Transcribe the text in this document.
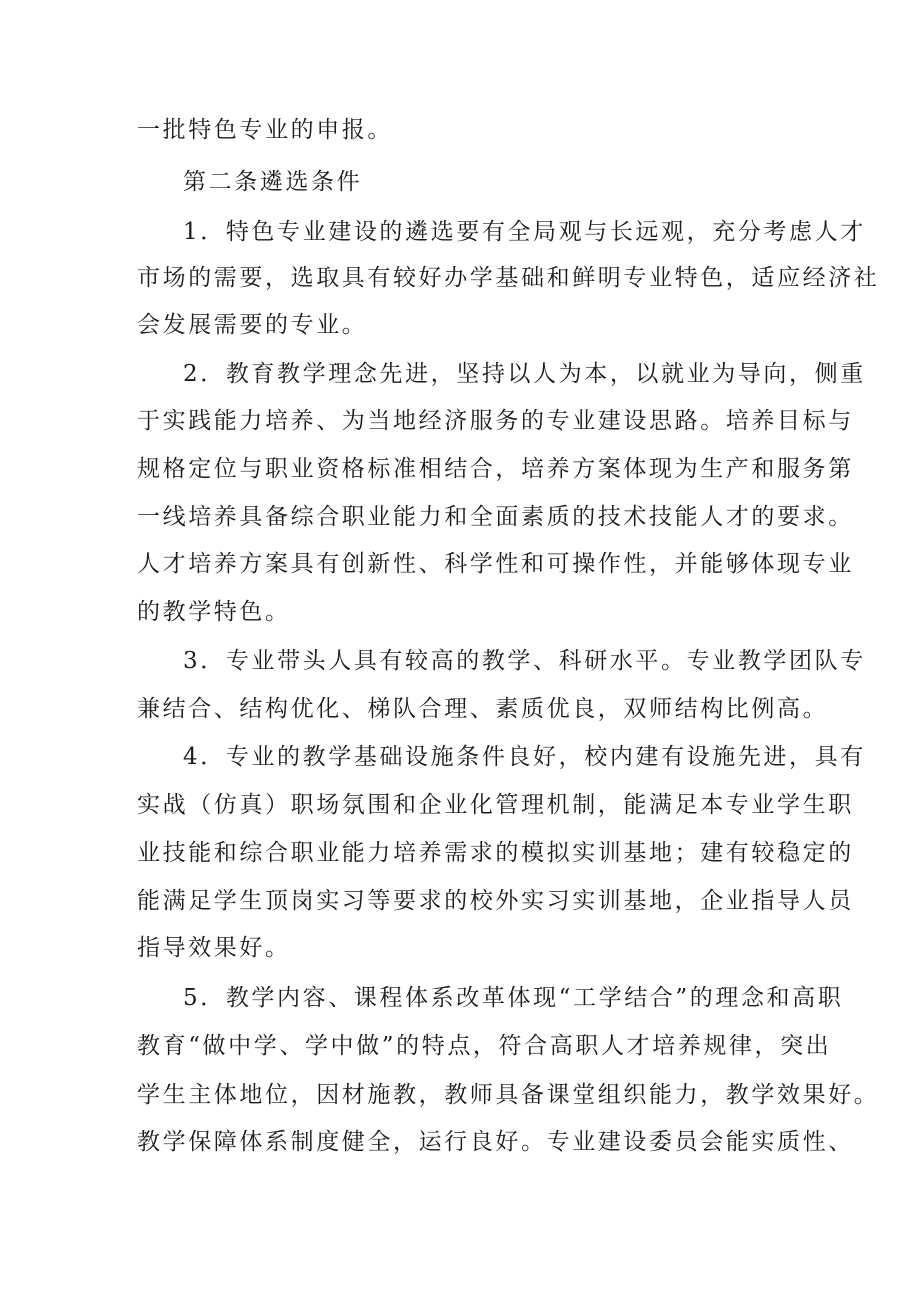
一批特色专业的申报。
第二条遴选条件
1．特色专业建设的遴选要有全局观与长远观，充分考虑人才
市场的需要，选取具有较好办学基础和鲜明专业特色，适应经济社
会发展需要的专业。
2．教育教学理念先进，坚持以人为本，以就业为导向，侧重
于实践能力培养、为当地经济服务的专业建设思路。培养目标与
规格定位与职业资格标准相结合，培养方案体现为生产和服务第
一线培养具备综合职业能力和全面素质的技术技能人才的要求。
人才培养方案具有创新性、科学性和可操作性，并能够体现专业
的教学特色。
3．专业带头人具有较高的教学、科研水平。专业教学团队专
兼结合、结构优化、梯队合理、素质优良，双师结构比例高。
4．专业的教学基础设施条件良好，校内建有设施先进，具有
实战（仿真）职场氛围和企业化管理机制，能满足本专业学生职
业技能和综合职业能力培养需求的模拟实训基地；建有较稳定的
能满足学生顶岗实习等要求的校外实习实训基地，企业指导人员
指导效果好。
5．教学内容、课程体系改革体现“工学结合”的理念和高职
教育“做中学、学中做”的特点，符合高职人才培养规律，突出
学生主体地位，因材施教，教师具备课堂组织能力，教学效果好。
教学保障体系制度健全，运行良好。专业建设委员会能实质性、
